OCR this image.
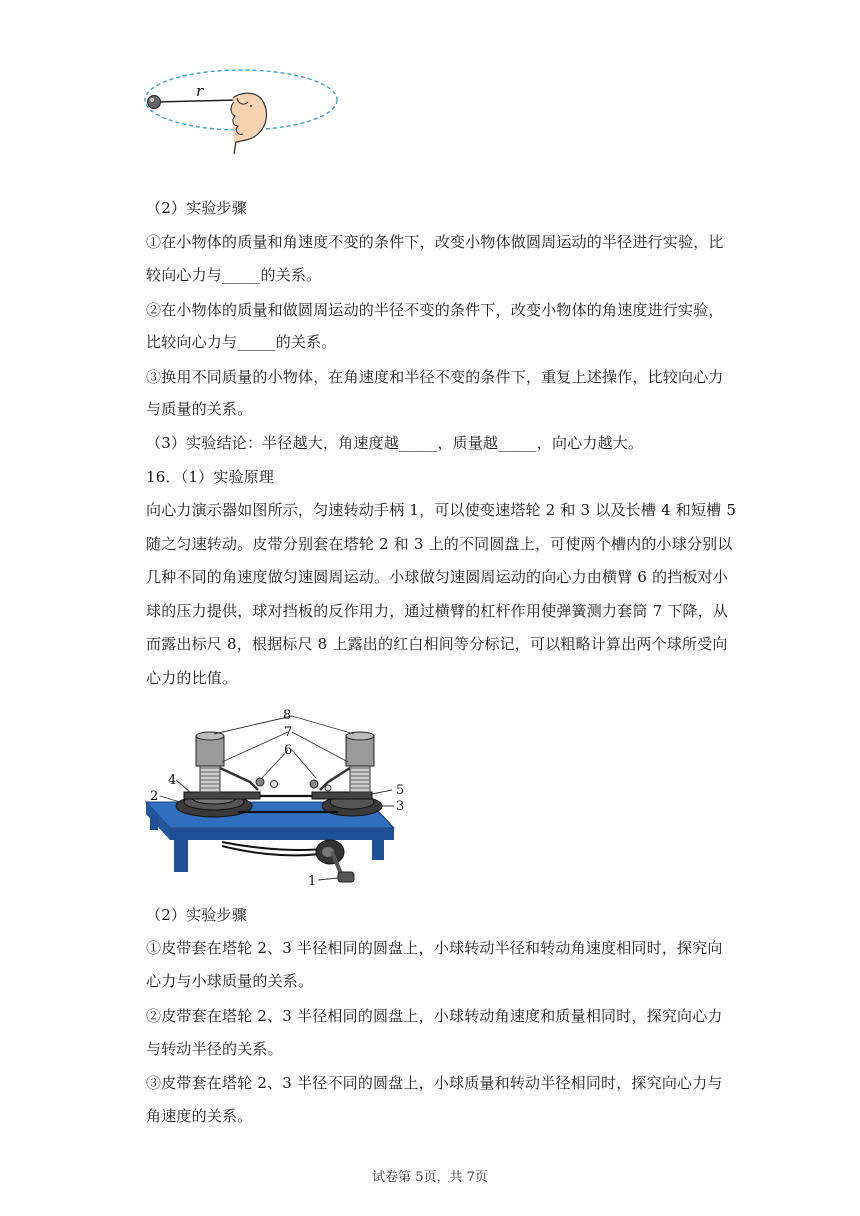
r
（2）实验步骤
①在小物体的质量和角速度不变的条件下，改变小物体做圆周运动的半径进行实验，比
较向心力与_____的关系。
②在小物体的质量和做圆周运动的半径不变的条件下，改变小物体的角速度进行实验，
比较向心力与_____的关系。
③换用不同质量的小物体，在角速度和半径不变的条件下，重复上述操作，比较向心力
与质量的关系。
（3）实验结论：半径越大，角速度越_____，质量越_____，向心力越大。
16．（1）实验原理
向心力演示器如图所示，匀速转动手柄 1，可以使变速塔轮 2 和 3 以及长槽 4 和短槽 5
随之匀速转动。皮带分别套在塔轮 2 和 3 上的不同圆盘上，可使两个槽内的小球分别以
几种不同的角速度做匀速圆周运动。小球做匀速圆周运动的向心力由横臂 6 的挡板对小
球的压力提供，球对挡板的反作用力，通过横臂的杠杆作用使弹簧测力套筒 7 下降，从
而露出标尺 8，根据标尺 8 上露出的红白相间等分标记，可以粗略计算出两个球所受向
心力的比值。
8
7
6
4
2	5
3
1
（2）实验步骤
①皮带套在塔轮 2、3 半径相同的圆盘上，小球转动半径和转动角速度相同时，探究向
心力与小球质量的关系。
②皮带套在塔轮 2、3 半径相同的圆盘上，小球转动角速度和质量相同时，探究向心力
与转动半径的关系。
③皮带套在塔轮 2、3 半径不同的圆盘上，小球质量和转动半径相同时，探究向心力与
角速度的关系。
试卷第 5页，共 7页
